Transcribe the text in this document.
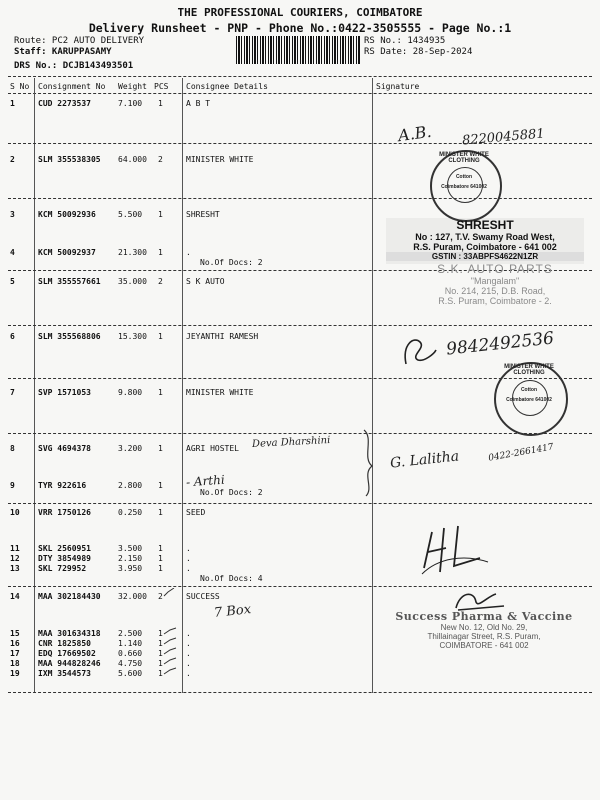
THE PROFESSIONAL COURIERS, COIMBATORE
Delivery Runsheet - PNP - Phone No.:0422-3505555 - Page No.:1
Route: PC2 AUTO DELIVERY
Staff: KARUPPASAMY
DRS No.: DCJB143493501
RS No.: 1434935
RS Date: 28-Sep-2024
S No Consignment No Weight PCS Consignee Details	Signature
1	CUD 2273537	7.100 1	A B T
2	SLM 355538305 64.000 2	MINISTER WHITE
3	KCM 50092936	5.500 1	SHRESHT
4	KCM 50092937	21.300 1	.
No.Of Docs: 2
5	SLM 355557661 35.000 2	S K AUTO
6	SLM 355568806 15.300 1	JEYANTHI RAMESH
7	SVP 1571053	9.800 1	MINISTER WHITE
8	SVG 4694378	3.200 1	AGRI HOSTEL
9	TYR 922616	2.800 1
No.Of Docs: 2
10 VRR 1750126	0.250 1	SEED
11 SKL 2560951	3.500 1	.
12 DTY 3854989	2.150 1	.
13 SKL 729952	3.950 1	.
No.Of Docs: 4
14 MAA 302184430 32.000 2	SUCCESS
15 MAA 301634318 2.500 1	.
16 CNR 1825850	1.140 1	.
17 EDQ 17669502	0.660 1	.
18 MAA 944828246 4.750 1	.
19 IXM 3544573	5.600 1	.
A.B. 8220045881
MINISTER WHITE CLOTHING
Cotton
Coimbatore 641002
SHRESHT
No : 127, T.V. Swamy Road West,
R.S. Puram, Coimbatore - 641 002
GSTIN : 33ABPFS4622N1ZR
S.K. AUTO PARTS
"Mangalam"
No. 214, 215, D.B. Road,
R.S. Puram, Coimbatore - 2.
9842492536
MINISTER WHITE CLOTHING
Cotton
Coimbatore 641002
Deva Dharshini
G. Lalitha	0422-2661417
- Arthi
7 Box	Success Pharma & Vaccine
New No. 12, Old No. 29,
Thillainagar Street, R.S. Puram,
COIMBATORE - 641 002
